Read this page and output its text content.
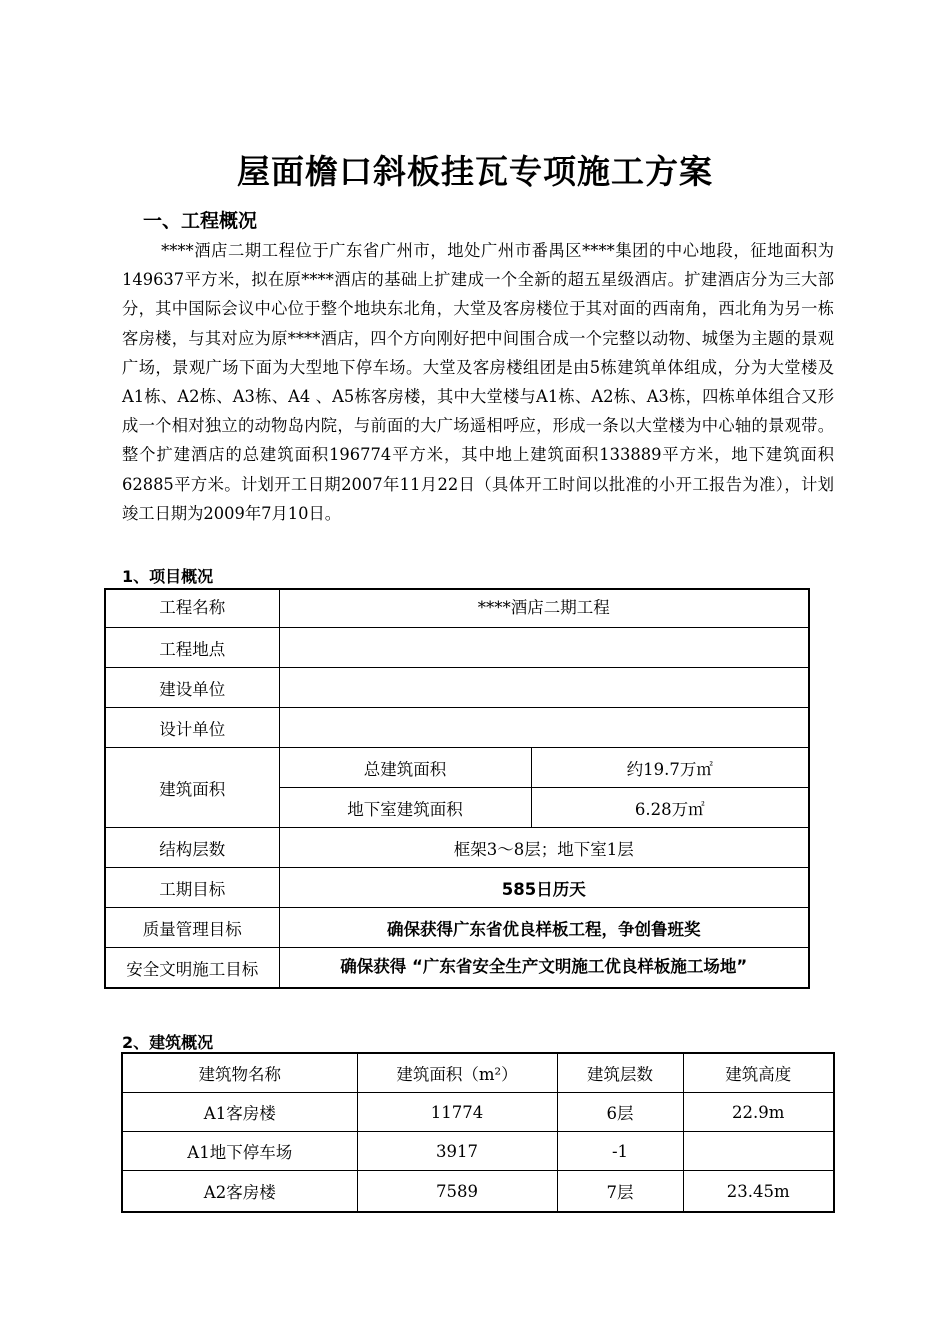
屋面檐口斜板挂瓦专项施工方案
一、工程概况

****酒店二期工程位于广东省广州市，地处广州市番禺区****集团的中心地段，征地面积为149637平方米，拟在原****酒店的基础上扩建成一个全新的超五星级酒店。扩建酒店分为三大部分，其中国际会议中心位于整个地块东北角，大堂及客房楼位于其对面的西南角，西北角为另一栋客房楼，与其对应为原****酒店，四个方向刚好把中间围合成一个完整以动物、城堡为主题的景观广场，景观广场下面为大型地下停车场。大堂及客房楼组团是由5栋建筑单体组成，分为大堂楼及A1栋、A2栋、A3栋、A4 、A5栋客房楼，其中大堂楼与A1栋、A2栋、A3栋，四栋单体组合又形成一个相对独立的动物岛内院，与前面的大广场遥相呼应，形成一条以大堂楼为中心轴的景观带。整个扩建酒店的总建筑面积196774平方米，其中地上建筑面积133889平方米，地下建筑面积62885平方米。计划开工日期2007年11月22日（具体开工时间以批准的小开工报告为准），计划竣工日期为2009年7月10日。

1、项目概况
工程名称	****酒店二期工程	
工程地点		
建设单位		
设计单位		
建筑面积	总建筑面积	约19.7万㎡
	地下室建筑面积	6.28万㎡
结构层数	框架3～8层；地下室1层	
工期目标	585日历天	
质量管理目标	确保获得广东省优良样板工程，争创鲁班奖	
安全文明施工目标	确保获得 “广东省安全生产文明施工优良样板施工场地”	
2、建筑概况
建筑物名称	建筑面积（m²）	建筑层数	建筑高度
A1客房楼	11774	6层	22.9m
A1地下停车场	3917	-1	
A2客房楼	7589	7层	23.45m
